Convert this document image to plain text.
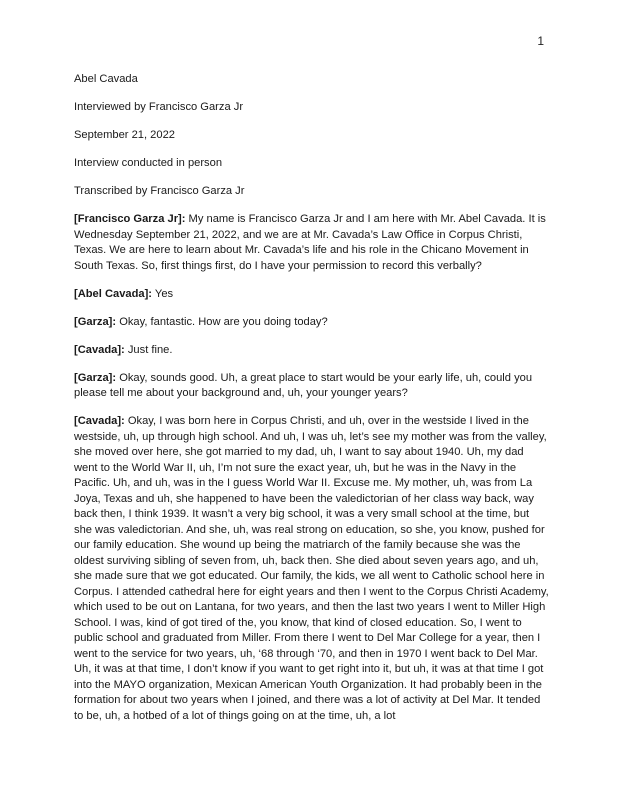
1

Abel Cavada

Interviewed by Francisco Garza Jr

September 21, 2022

Interview conducted in person

Transcribed by Francisco Garza Jr

[Francisco Garza Jr]: My name is Francisco Garza Jr and I am here with Mr. Abel Cavada. It is Wednesday September 21, 2022, and we are at Mr. Cavada’s Law Office in Corpus Christi, Texas. We are here to learn about Mr. Cavada’s life and his role in the Chicano Movement in South Texas. So, first things first, do I have your permission to record this verbally?

[Abel Cavada]: Yes

[Garza]: Okay, fantastic. How are you doing today?

[Cavada]: Just fine.

[Garza]: Okay, sounds good. Uh, a great place to start would be your early life, uh, could you please tell me about your background and, uh, your younger years?

[Cavada]: Okay, I was born here in Corpus Christi, and uh, over in the westside I lived in the westside, uh, up through high school. And uh, I was uh, let’s see my mother was from the valley, she moved over here, she got married to my dad, uh, I want to say about 1940. Uh, my dad went to the World War II, uh, I’m not sure the exact year, uh, but he was in the Navy in the Pacific. Uh, and uh, was in the I guess World War II. Excuse me. My mother, uh, was from La Joya, Texas and uh, she happened to have been the valedictorian of her class way back, way back then, I think 1939. It wasn’t a very big school, it was a very small school at the time, but she was valedictorian. And she, uh, was real strong on education, so she, you know, pushed for our family education. She wound up being the matriarch of the family because she was the oldest surviving sibling of seven from, uh, back then. She died about seven years ago, and uh, she made sure that we got educated. Our family, the kids, we all went to Catholic school here in Corpus. I attended cathedral here for eight years and then I went to the Corpus Christi Academy, which used to be out on Lantana, for two years, and then the last two years I went to Miller High School. I was, kind of got tired of the, you know, that kind of closed education. So, I went to public school and graduated from Miller. From there I went to Del Mar College for a year, then I went to the service for two years, uh, ‘68 through ‘70, and then in 1970 I went back to Del Mar. Uh, it was at that time, I don’t know if you want to get right into it, but uh, it was at that time I got into the MAYO organization, Mexican American Youth Organization. It had probably been in the formation for about two years when I joined, and there was a lot of activity at Del Mar. It tended to be, uh, a hotbed of a lot of things going on at the time, uh, a lot
